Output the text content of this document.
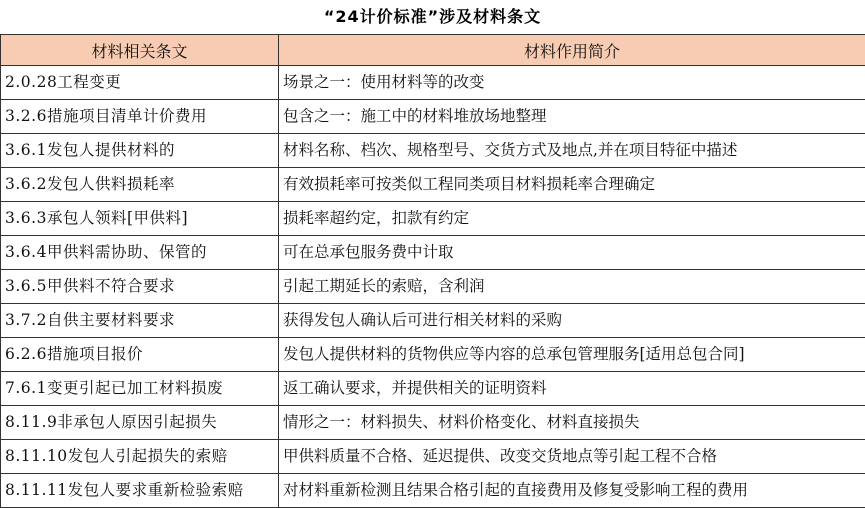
“24计价标准”涉及材料条文
材料相关条文	材料作用简介
2.0.28工程变更	场景之一：使用材料等的改变
3.2.6措施项目清单计价费用	包含之一：施工中的材料堆放场地整理
3.6.1发包人提供材料的	材料名称、档次、规格型号、交货方式及地点,并在项目特征中描述
3.6.2发包人供料损耗率	有效损耗率可按类似工程同类项目材料损耗率合理确定
3.6.3承包人领料[甲供料]	损耗率超约定，扣款有约定
3.6.4甲供料需协助、保管的	可在总承包服务费中计取
3.6.5甲供料不符合要求	引起工期延长的索赔，含利润
3.7.2自供主要材料要求	获得发包人确认后可进行相关材料的采购
6.2.6措施项目报价	发包人提供材料的货物供应等内容的总承包管理服务[适用总包合同]
7.6.1变更引起已加工材料损废	返工确认要求，并提供相关的证明资料
8.11.9非承包人原因引起损失	情形之一：材料损失、材料价格变化、材料直接损失
8.11.10发包人引起损失的索赔	甲供料质量不合格、延迟提供、改变交货地点等引起工程不合格
8.11.11发包人要求重新检验索赔	对材料重新检测且结果合格引起的直接费用及修复受影响工程的费用
